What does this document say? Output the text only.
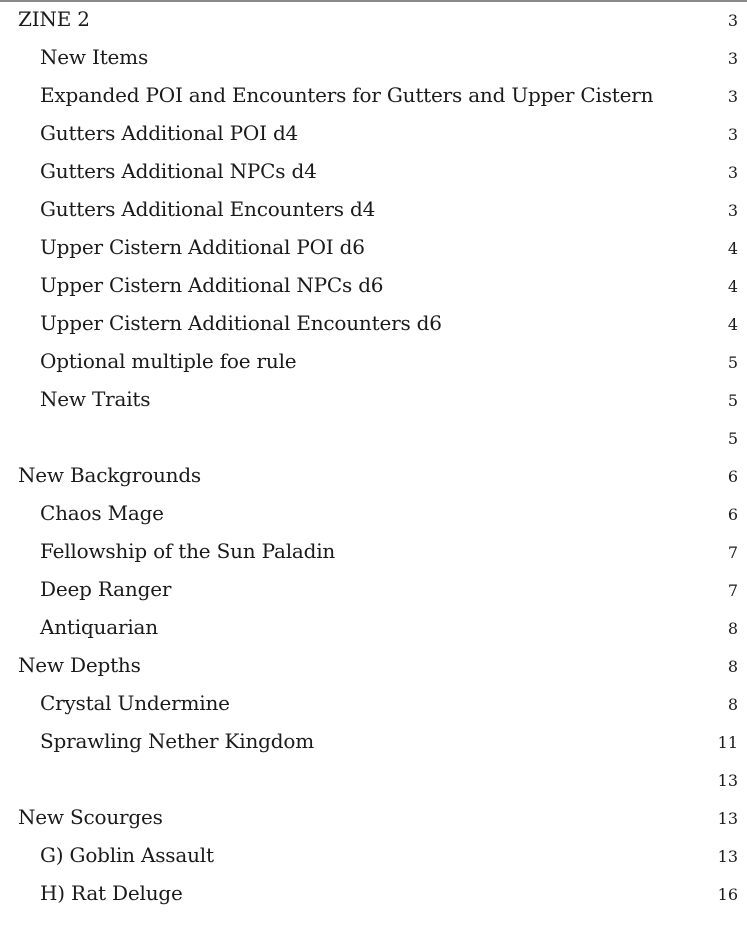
ZINE 2	3
New Items	3
Expanded POI and Encounters for Gutters and Upper Cistern	3
Gutters Additional POI d4	3
Gutters Additional NPCs d4	3
Gutters Additional Encounters d4	3
Upper Cistern Additional POI d6	4
Upper Cistern Additional NPCs d6	4
Upper Cistern Additional Encounters d6	4
Optional multiple foe rule	5
New Traits	5
5
New Backgrounds	6
Chaos Mage	6
Fellowship of the Sun Paladin	7
Deep Ranger	7
Antiquarian	8
New Depths	8
Crystal Undermine	8
Sprawling Nether Kingdom	11
13
New Scourges	13
G) Goblin Assault	13
H) Rat Deluge	16
